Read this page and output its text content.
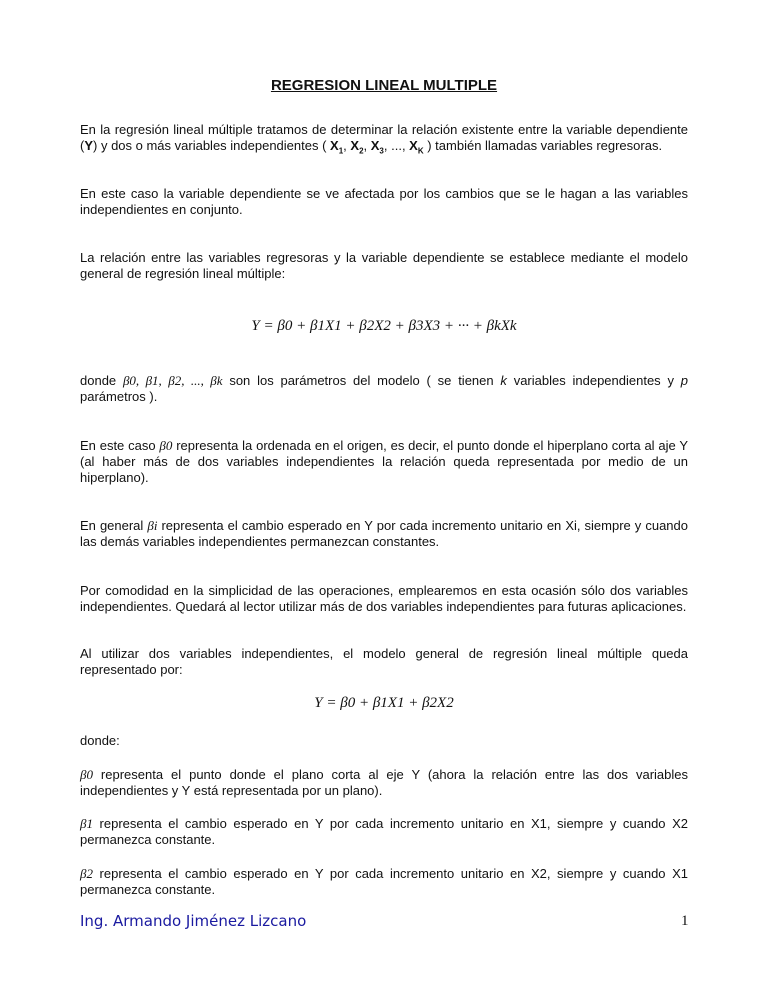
REGRESION LINEAL MULTIPLE
En la regresión lineal múltiple tratamos de determinar la relación existente entre la variable dependiente (Y) y dos o más variables independientes ( $X_1$, $X_2$, $X_3$, ..., $X_K$ ) también llamadas variables regresoras.
En este caso la variable dependiente se ve afectada por los cambios que se le hagan a las variables independientes en conjunto.
La relación entre las variables regresoras y la variable dependiente se establece mediante el modelo general de regresión lineal múltiple:
Y = β0 + β1X1 + β2X2 + β3X3 + ··· + βkXk
donde β0, β1, β2, ..., βk son los parámetros del modelo ( se tienen k variables independientes y p parámetros ).
En este caso β0 representa la ordenada en el origen, es decir, el punto donde el hiperplano corta al aje Y (al haber más de dos variables independientes la relación queda representada por medio de un hiperplano).
En general βi representa el cambio esperado en Y por cada incremento unitario en Xi, siempre y cuando las demás variables independientes permanezcan constantes.
Por comodidad en la simplicidad de las operaciones, emplearemos en esta ocasión sólo dos variables independientes. Quedará al lector utilizar más de dos variables independientes para futuras aplicaciones.
Al utilizar dos variables independientes, el modelo general de regresión lineal múltiple queda representado por:
Y = β0 + β1X1 + β2X2
donde:
β0 representa el punto donde el plano corta al eje Y (ahora la relación entre las dos variables independientes y Y está representada por un plano).
β1 representa el cambio esperado en Y por cada incremento unitario en X1, siempre y cuando X2 permanezca constante.
β2 representa el cambio esperado en Y por cada incremento unitario en X2, siempre y cuando X1 permanezca constante.
Ing. Armando Jiménez Lizcano	1
